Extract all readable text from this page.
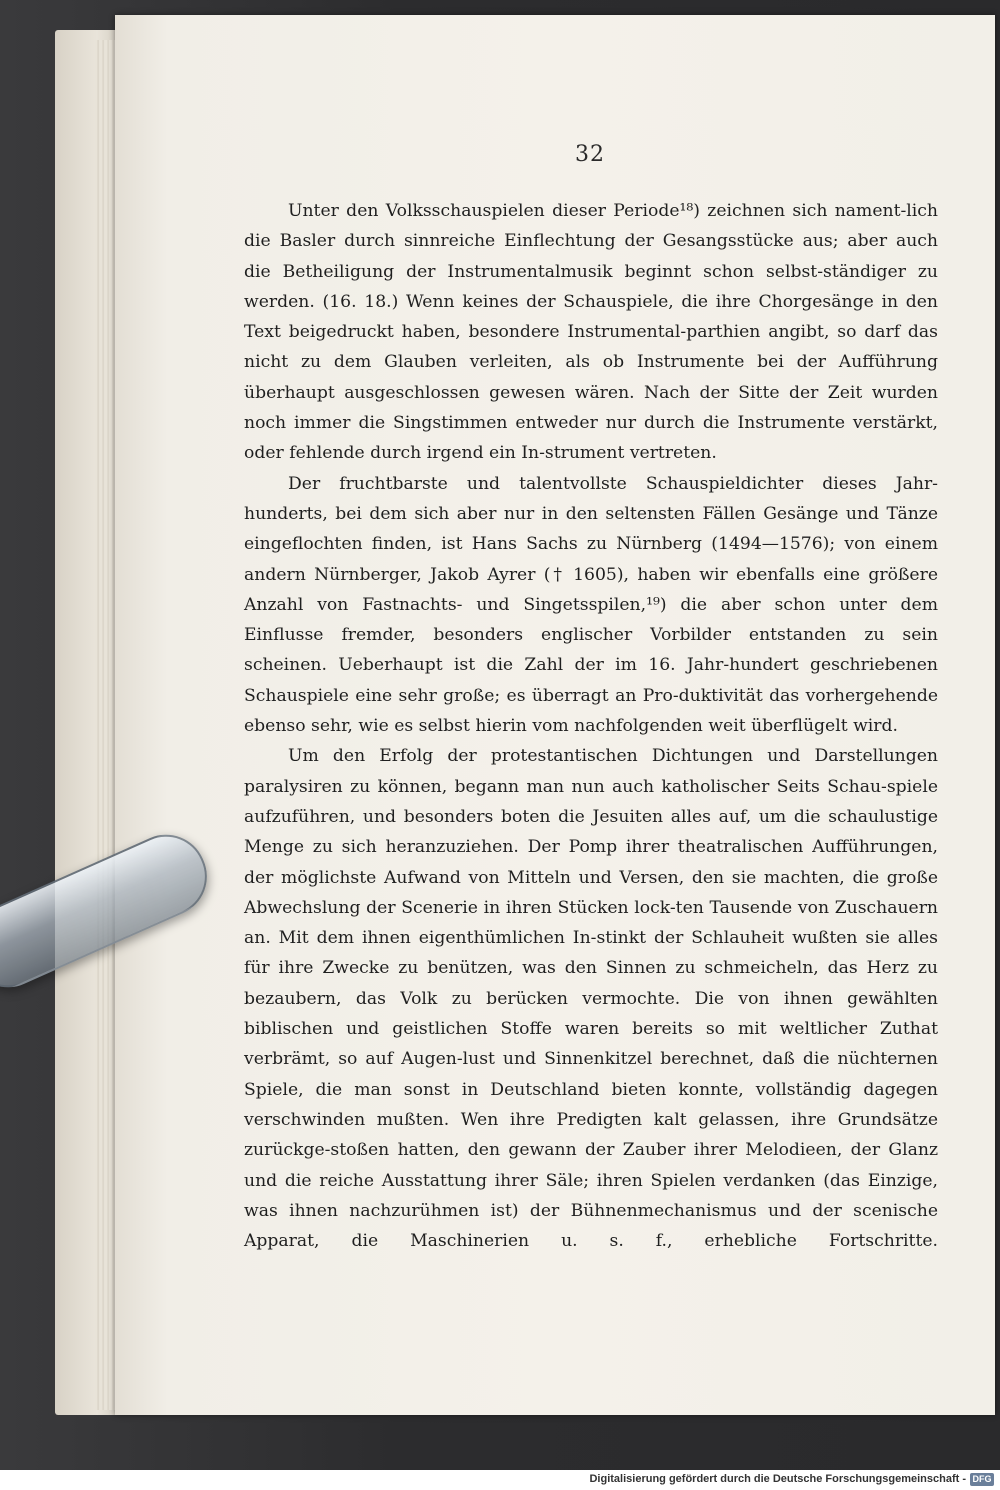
32

Unter den Volksschauspielen dieser Periode¹⁸) zeichnen sich nament-lich die Basler durch sinnreiche Einflechtung der Gesangsstücke aus; aber auch die Betheiligung der Instrumentalmusik beginnt schon selbst-ständiger zu werden. (16. 18.) Wenn keines der Schauspiele, die ihre Chorgesänge in den Text beigedruckt haben, besondere Instrumental-parthien angibt, so darf das nicht zu dem Glauben verleiten, als ob Instrumente bei der Aufführung überhaupt ausgeschlossen gewesen wären. Nach der Sitte der Zeit wurden noch immer die Singstimmen entweder nur durch die Instrumente verstärkt, oder fehlende durch irgend ein In-strument vertreten.

Der fruchtbarste und talentvollste Schauspieldichter dieses Jahr-hunderts, bei dem sich aber nur in den seltensten Fällen Gesänge und Tänze eingeflochten finden, ist Hans Sachs zu Nürnberg (1494—1576); von einem andern Nürnberger, Jakob Ayrer († 1605), haben wir ebenfalls eine größere Anzahl von Fastnachts- und Singetsspilen,¹⁹) die aber schon unter dem Einflusse fremder, besonders englischer Vorbilder entstanden zu sein scheinen. Ueberhaupt ist die Zahl der im 16. Jahr-hundert geschriebenen Schauspiele eine sehr große; es überragt an Pro-duktivität das vorhergehende ebenso sehr, wie es selbst hierin vom nachfolgenden weit überflügelt wird.

Um den Erfolg der protestantischen Dichtungen und Darstellungen paralysiren zu können, begann man nun auch katholischer Seits Schau-spiele aufzuführen, und besonders boten die Jesuiten alles auf, um die schaulustige Menge zu sich heranzuziehen. Der Pomp ihrer theatralischen Aufführungen, der möglichste Aufwand von Mitteln und Versen, den sie machten, die große Abwechslung der Scenerie in ihren Stücken lock-ten Tausende von Zuschauern an. Mit dem ihnen eigenthümlichen In-stinkt der Schlauheit wußten sie alles für ihre Zwecke zu benützen, was den Sinnen zu schmeicheln, das Herz zu bezaubern, das Volk zu berücken vermochte. Die von ihnen gewählten biblischen und geistlichen Stoffe waren bereits so mit weltlicher Zuthat verbrämt, so auf Augen-lust und Sinnenkitzel berechnet, daß die nüchternen Spiele, die man sonst in Deutschland bieten konnte, vollständig dagegen verschwinden mußten. Wen ihre Predigten kalt gelassen, ihre Grundsätze zurückge-stoßen hatten, den gewann der Zauber ihrer Melodieen, der Glanz und die reiche Ausstattung ihrer Säle; ihren Spielen verdanken (das Einzige, was ihnen nachzurühmen ist) der Bühnenmechanismus und der scenische Apparat, die Maschinerien u. s. f., erhebliche Fortschritte.

Digitalisierung gefördert durch die Deutsche Forschungsgemeinschaft - DFG
